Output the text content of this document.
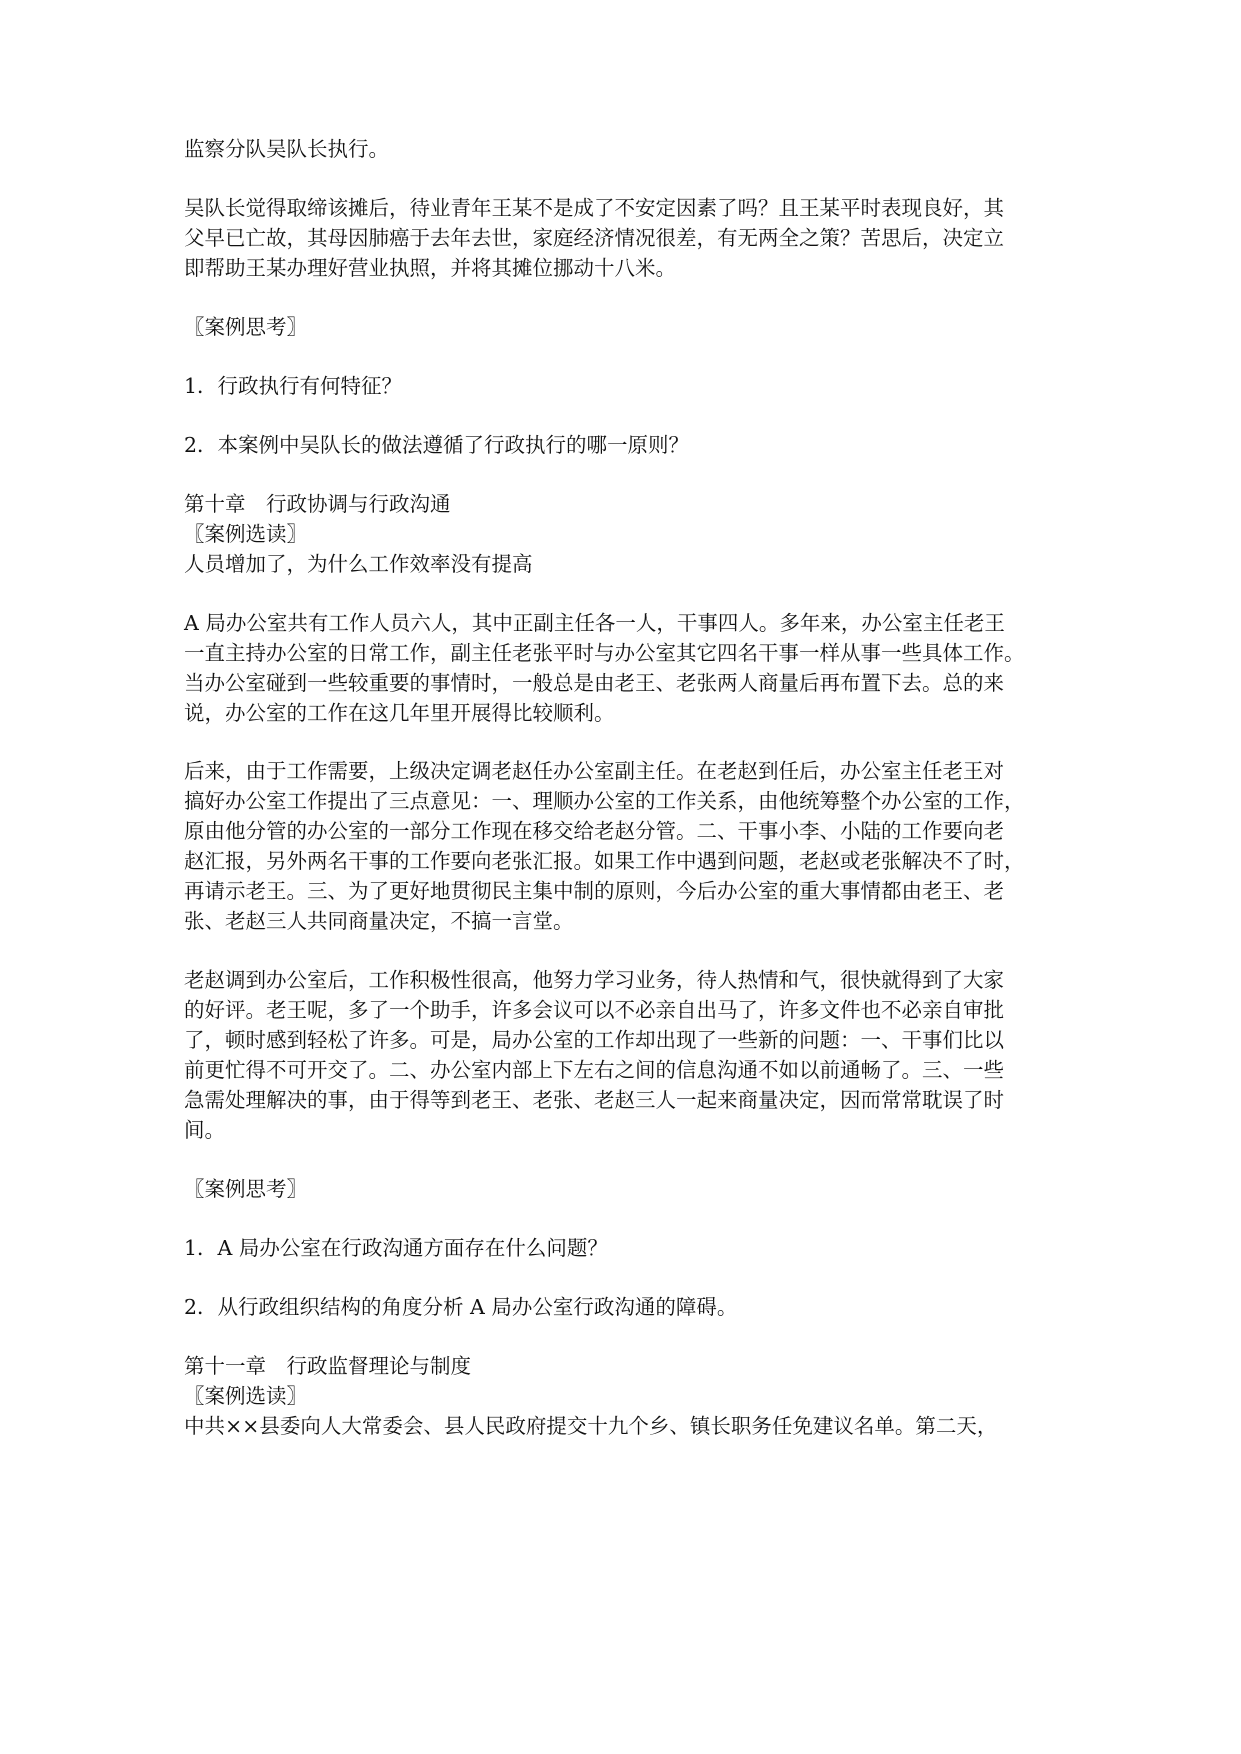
监察分队吴队长执行。
吴队长觉得取缔该摊后，待业青年王某不是成了不安定因素了吗？且王某平时表现良好，其
父早已亡故，其母因肺癌于去年去世，家庭经济情况很差，有无两全之策？苦思后，决定立
即帮助王某办理好营业执照，并将其摊位挪动十八米。
〖案例思考〗
1．行政执行有何特征？
2．本案例中吴队长的做法遵循了行政执行的哪一原则？
第十章　行政协调与行政沟通
〖案例选读〗
人员增加了，为什么工作效率没有提高
A 局办公室共有工作人员六人，其中正副主任各一人，干事四人。多年来，办公室主任老王
一直主持办公室的日常工作，副主任老张平时与办公室其它四名干事一样从事一些具体工作。
当办公室碰到一些较重要的事情时，一般总是由老王、老张两人商量后再布置下去。总的来
说，办公室的工作在这几年里开展得比较顺利。
后来，由于工作需要，上级决定调老赵任办公室副主任。在老赵到任后，办公室主任老王对
搞好办公室工作提出了三点意见：一、理顺办公室的工作关系，由他统筹整个办公室的工作，
原由他分管的办公室的一部分工作现在移交给老赵分管。二、干事小李、小陆的工作要向老
赵汇报，另外两名干事的工作要向老张汇报。如果工作中遇到问题，老赵或老张解决不了时，
再请示老王。三、为了更好地贯彻民主集中制的原则，今后办公室的重大事情都由老王、老
张、老赵三人共同商量决定，不搞一言堂。
老赵调到办公室后，工作积极性很高，他努力学习业务，待人热情和气，很快就得到了大家
的好评。老王呢，多了一个助手，许多会议可以不必亲自出马了，许多文件也不必亲自审批
了，顿时感到轻松了许多。可是，局办公室的工作却出现了一些新的问题：一、干事们比以
前更忙得不可开交了。二、办公室内部上下左右之间的信息沟通不如以前通畅了。三、一些
急需处理解决的事，由于得等到老王、老张、老赵三人一起来商量决定，因而常常耽误了时
间。
〖案例思考〗
1．A 局办公室在行政沟通方面存在什么问题？
2．从行政组织结构的角度分析 A 局办公室行政沟通的障碍。
第十一章　行政监督理论与制度
〖案例选读〗
中共××县委向人大常委会、县人民政府提交十九个乡、镇长职务任免建议名单。第二天，
